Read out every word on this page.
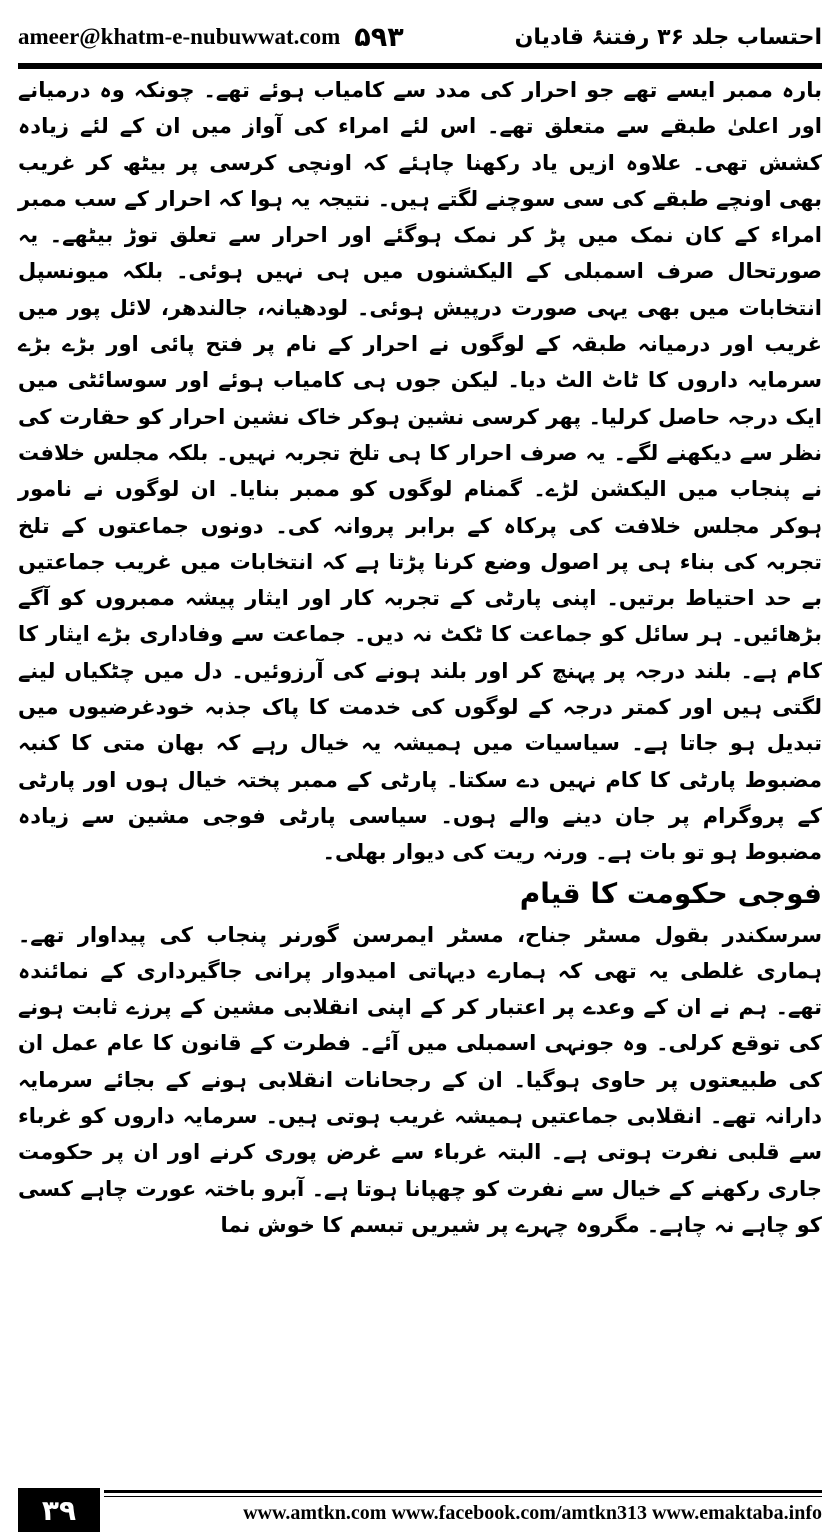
ameer@khatm-e-nubuwwat.com ۵۹۳	احتساب جلد ۳۶ رفتنۂ قادیان

بارہ ممبر ایسے تھے جو احرار کی مدد سے کامیاب ہوئے تھے۔ چونکہ وہ درمیانے اور اعلیٰ طبقے سے متعلق تھے۔ اس لئے امراء کی آواز میں ان کے لئے زیادہ کشش تھی۔ علاوہ ازیں یاد رکھنا چاہئے کہ اونچی کرسی پر بیٹھ کر غریب بھی اونچے طبقے کی سی سوچنے لگتے ہیں۔ نتیجہ یہ ہوا کہ احرار کے سب ممبر امراء کے کان نمک میں پڑ کر نمک ہوگئے اور احرار سے تعلق توڑ بیٹھے۔ یہ صورتحال صرف اسمبلی کے الیکشنوں میں ہی نہیں ہوئی۔ بلکہ میونسپل انتخابات میں بھی یہی صورت درپیش ہوئی۔ لودھیانہ، جالندھر، لائل پور میں غریب اور درمیانہ طبقہ کے لوگوں نے احرار کے نام پر فتح پائی اور بڑے بڑے سرمایہ داروں کا ٹاٹ الٹ دیا۔ لیکن جوں ہی کامیاب ہوئے اور سوسائٹی میں ایک درجہ حاصل کرلیا۔ پھر کرسی نشین ہوکر خاک نشین احرار کو حقارت کی نظر سے دیکھنے لگے۔ یہ صرف احرار کا ہی تلخ تجربہ نہیں۔ بلکہ مجلس خلافت نے پنجاب میں الیکشن لڑے۔ گمنام لوگوں کو ممبر بنایا۔ ان لوگوں نے نامور ہوکر مجلس خلافت کی پرکاہ کے برابر پروانہ کی۔ دونوں جماعتوں کے تلخ تجربہ کی بناء ہی پر اصول وضع کرنا پڑتا ہے کہ انتخابات میں غریب جماعتیں بے حد احتیاط برتیں۔ اپنی پارٹی کے تجربہ کار اور ایثار پیشہ ممبروں کو آگے بڑھائیں۔ ہر سائل کو جماعت کا ٹکٹ نہ دیں۔ جماعت سے وفاداری بڑے ایثار کا کام ہے۔ بلند درجہ پر پہنچ کر اور بلند ہونے کی آرزوئیں۔ دل میں چٹکیاں لینے لگتی ہیں اور کمتر درجہ کے لوگوں کی خدمت کا پاک جذبہ خودغرضیوں میں تبدیل ہو جاتا ہے۔ سیاسیات میں ہمیشہ یہ خیال رہے کہ بھان متی کا کنبہ مضبوط پارٹی کا کام نہیں دے سکتا۔ پارٹی کے ممبر پختہ خیال ہوں اور پارٹی کے پروگرام پر جان دینے والے ہوں۔ سیاسی پارٹی فوجی مشین سے زیادہ مضبوط ہو تو بات ہے۔ ورنہ ریت کی دیوار بھلی۔

فوجی حکومت کا قیام

سرسکندر بقول مسٹر جناح، مسٹر ایمرسن گورنر پنجاب کی پیداوار تھے۔ ہماری غلطی یہ تھی کہ ہمارے دیہاتی امیدوار پرانی جاگیرداری کے نمائندہ تھے۔ ہم نے ان کے وعدے پر اعتبار کر کے اپنی انقلابی مشین کے پرزے ثابت ہونے کی توقع کرلی۔ وہ جونہی اسمبلی میں آئے۔ فطرت کے قانون کا عام عمل ان کی طبیعتوں پر حاوی ہوگیا۔ ان کے رجحانات انقلابی ہونے کے بجائے سرمایہ دارانہ تھے۔ انقلابی جماعتیں ہمیشہ غریب ہوتی ہیں۔ سرمایہ داروں کو غرباء سے قلبی نفرت ہوتی ہے۔ البتہ غرباء سے غرض پوری کرنے اور ان پر حکومت جاری رکھنے کے خیال سے نفرت کو چھپانا ہوتا ہے۔ آبرو باختہ عورت چاہے کسی کو چاہے نہ چاہے۔ مگروہ چہرے پر شیریں تبسم کا خوش نما

۳۹	www.amtkn.com www.facebook.com/amtkn313 www.emaktaba.info
